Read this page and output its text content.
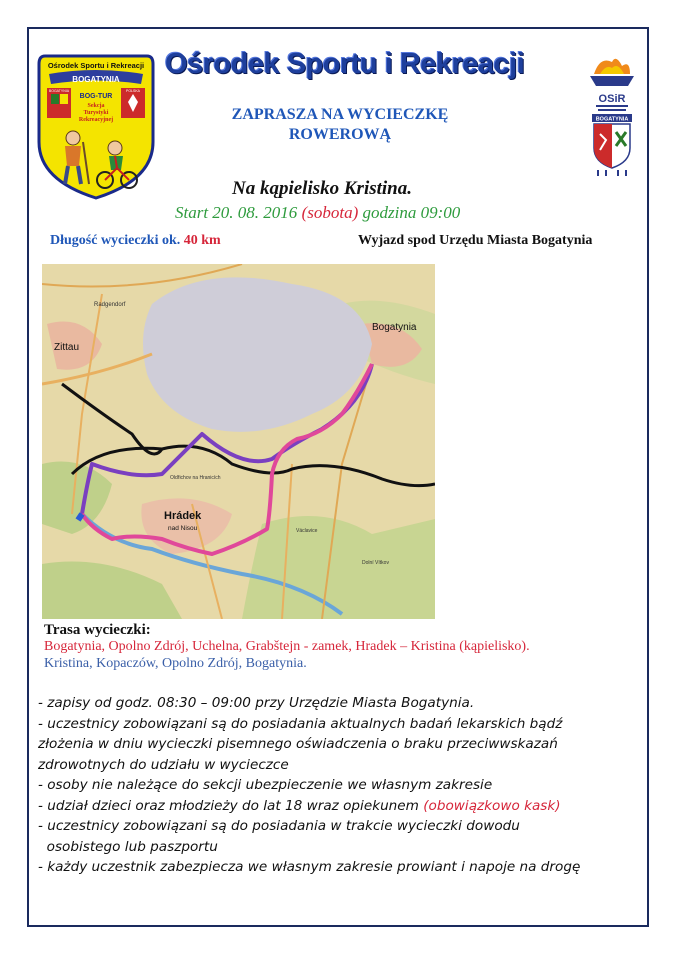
Ośrodek Sportu i Rekreacji
BOGATYNIA
BOGATYNIA	POLSKA
BOG-TUR
Sekcja
Turystyki
Rekreacyjnej
OSiR
BOGATYNIA
Ośrodek Sportu i Rekreacji
ZAPRASZA NA WYCIECZKĘ
ROWEROWĄ
Na kąpielisko Kristina.
Start 20. 08. 2016 (sobota) godzina 09:00
Długość wycieczki ok. 40 km	Wyjazd spod Urzędu Miasta Bogatynia
Zittau
Bogatynia
Hrádek
nad Nisou
Radgendorf
Oldřichov na Hranicích
Václavice
Dolní Vítkov
Trasa wycieczki:
Bogatynia, Opolno Zdrój, Uchelna, Grabštejn - zamek, Hradek – Kristina (kąpielisko).
Kristina, Kopaczów, Opolno Zdrój, Bogatynia.

- zapisy od godz. 08:30 – 09:00 przy Urzędzie Miasta Bogatynia.

- uczestnicy zobowiązani są do posiadania aktualnych badań lekarskich bądź

złożenia w dniu wycieczki pisemnego oświadczenia o braku przeciwwskazań

zdrowotnych do udziału w wycieczce

- osoby nie należące do sekcji ubezpieczenie we własnym zakresie

- udział dzieci oraz młodzieży do lat 18 wraz opiekunem (obowiązkowo kask)

- uczestnicy zobowiązani są do posiadania w trakcie wycieczki dowodu

osobistego lub paszportu

- każdy uczestnik zabezpiecza we własnym zakresie prowiant i napoje na drogę
